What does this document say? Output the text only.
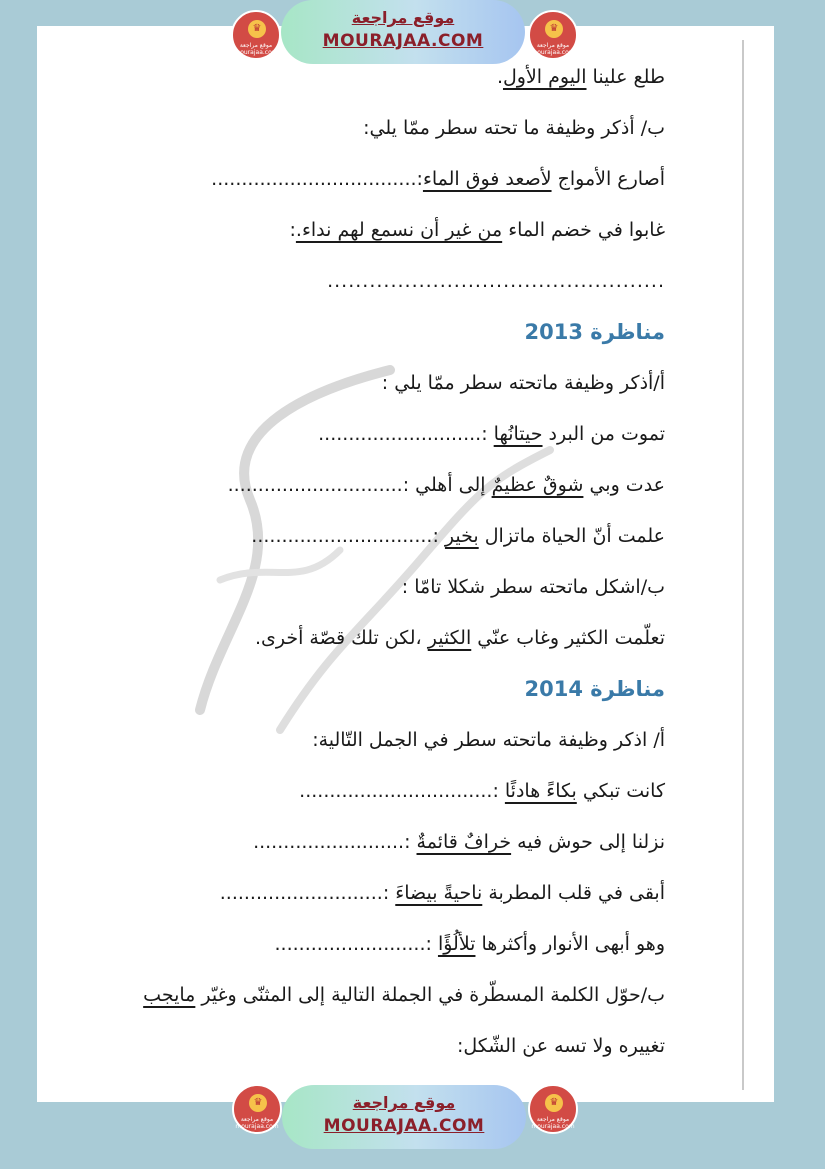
طلع علينا اليوم الأول.
ب/ أذكر وظيفة ما تحته سطر ممّا يلي:
أصارع الأمواج لأصعد فوق الماء:..................................
غابوا في خضم الماء من غير أن نسمع لهم نداء.:
................................................
مناظرة 2013
أ/أذكر وظيفة ماتحته سطر ممّا يلي :
تموت من البرد حيتانُها :...........................
عدت وبي شوقٌ عظيمٌ إلى أهلي :.............................
علمت أنّ الحياة ماتزال بخير :..............................
ب/اشكل ماتحته سطر شكلا تامّا :
تعلّمت الكثير وغاب عنّي الكثير ،لكن تلك قصّة أخرى.
مناظرة 2014
أ/ اذكر وظيفة ماتحته سطر في الجمل التّالية:
كانت تبكي بكاءً هادئًا :................................
نزلنا إلى حوش فيه خرافٌ قائمةٌ :.........................
أبقى في قلب المطربة ناحيةً بيضاءَ :...........................
وهو أبهى الأنوار وأكثرها تلألُؤًا :.........................
ب/حوّل الكلمة المسطّرة في الجملة التالية إلى المثنّى وغيّر مايجب
تغييره ولا تسه عن الشّكل:
موقع مراجعة
MOURAJAA.COM
♛
موقع مراجعة mourajaa.com
♛
موقع مراجعة mourajaa.com
موقع مراجعة
MOURAJAA.COM
♛
موقع مراجعة mourajaa.com
♛
موقع مراجعة mourajaa.com
